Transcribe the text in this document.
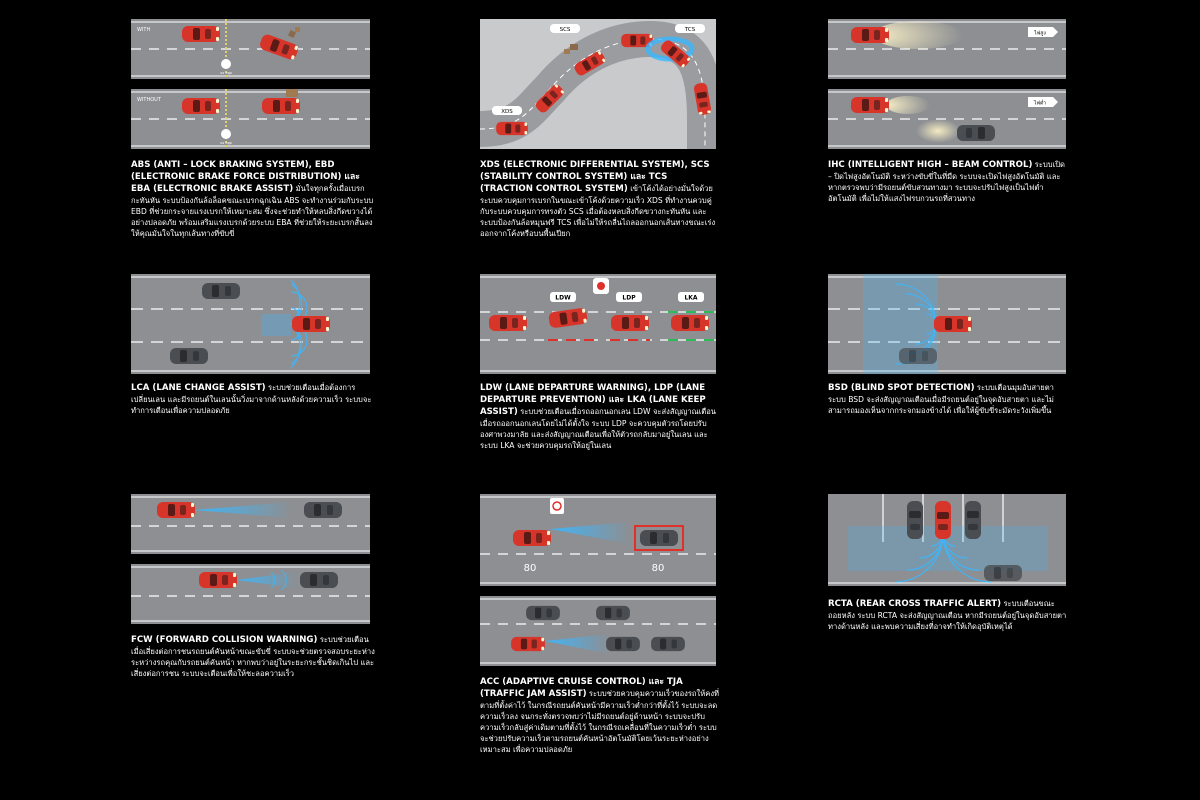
WITH
จอ หยุด
WITHOUT
จอ หยุด

ABS (ANTI – LOCK BRAKING SYSTEM), EBD (ELECTRONIC BRAKE FORCE DISTRIBUTION) และ EBA (ELECTRONIC BRAKE ASSIST) มั่นใจทุกครั้งเมื่อเบรกกะทันหัน ระบบป้องกันล้อล็อคขณะเบรกฉุกเฉิน ABS จะทำงานร่วมกับระบบ EBD ที่ช่วยกระจายแรงเบรกให้เหมาะสม ซึ่งจะช่วยทำให้หลบสิ่งกีดขวางได้อย่างปลอดภัย พร้อมเสริมแรงเบรกด้วยระบบ EBA ที่ช่วยให้ระยะเบรกสั้นลง ให้คุณมั่นใจในทุกเส้นทางที่ขับขี่

SCS	TCS
XDS

XDS (ELECTRONIC DIFFERENTIAL SYSTEM), SCS (STABILITY CONTROL SYSTEM) และ TCS (TRACTION CONTROL SYSTEM) เข้าโค้งได้อย่างมั่นใจด้วยระบบควบคุมการเบรกในขณะเข้าโค้งด้วยความเร็ว XDS ที่ทำงานควบคู่กับระบบควบคุมการทรงตัว SCS เมื่อต้องหลบสิ่งกีดขวางกะทันหัน และระบบป้องกันล้อหมุนฟรี TCS เพื่อไม่ให้รถลื่นไถลออกนอกเส้นทางขณะเร่งออกจากโค้งหรือบนพื้นเปียก

ไฟสูง
ไฟต่ำ

IHC (INTELLIGENT HIGH – BEAM CONTROL) ระบบเปิด – ปิดไฟสูงอัตโนมัติ ระหว่างขับขี่ในที่มืด ระบบจะเปิดไฟสูงอัตโนมัติ และหากตรวจพบว่ามีรถยนต์ขับสวนทางมา ระบบจะปรับไฟสูงเป็นไฟต่ำอัตโนมัติ เพื่อไม่ให้แสงไฟรบกวนรถที่สวนทาง

LCA (LANE CHANGE ASSIST) ระบบช่วยเตือนเมื่อต้องการเปลี่ยนเลน และมีรถยนต์ในเลนนั้นวิ่งมาจากด้านหลังด้วยความเร็ว ระบบจะทำการเตือนเพื่อความปลอดภัย

LDW	LDP	LKA

LDW (LANE DEPARTURE WARNING), LDP (LANE DEPARTURE PREVENTION) และ LKA (LANE KEEP ASSIST) ระบบช่วยเตือนเมื่อรถออกนอกเลน LDW จะส่งสัญญาณเตือนเมื่อรถออกนอกเลนโดยไม่ได้ตั้งใจ ระบบ LDP จะควบคุมตัวรถโดยปรับองศาพวงมาลัย และส่งสัญญาณเตือนเพื่อให้ตัวรถกลับมาอยู่ในเลน และระบบ LKA จะช่วยควบคุมรถให้อยู่ในเลน

BSD (BLIND SPOT DETECTION) ระบบเตือนมุมอับสายตา ระบบ BSD จะส่งสัญญาณเตือนเมื่อมีรถยนต์อยู่ในจุดอับสายตา และไม่สามารถมองเห็นจากกระจกมองข้างได้ เพื่อให้ผู้ขับขี่ระมัดระวังเพิ่มขึ้น

FCW (FORWARD COLLISION WARNING) ระบบช่วยเตือนเมื่อเสี่ยงต่อการชนรถยนต์คันหน้าขณะขับขี่ ระบบจะช่วยตรวจสอบระยะห่างระหว่างรถคุณกับรถยนต์คันหน้า หากพบว่าอยู่ในระยะกระชั้นชิดเกินไป และเสี่ยงต่อการชน ระบบจะเตือนเพื่อให้ชะลอความเร็ว

80	80

ACC (ADAPTIVE CRUISE CONTROL) และ TJA (TRAFFIC JAM ASSIST) ระบบช่วยควบคุมความเร็วของรถให้คงที่ตามที่ตั้งค่าไว้ ในกรณีรถยนต์คันหน้ามีความเร็วต่ำกว่าที่ตั้งไว้ ระบบจะลดความเร็วลง จนกระทั่งตรวจพบว่าไม่มีรถยนต์อยู่ด้านหน้า ระบบจะปรับความเร็วกลับสู่ค่าเดิมตามที่ตั้งไว้ ในกรณีรถเคลื่อนที่ในความเร็วต่ำ ระบบจะช่วยปรับความเร็วตามรถยนต์คันหน้าอัตโนมัติโดยเว้นระยะห่างอย่างเหมาะสม เพื่อความปลอดภัย

RCTA (REAR CROSS TRAFFIC ALERT) ระบบเตือนขณะถอยหลัง ระบบ RCTA จะส่งสัญญาณเตือน หากมีรถยนต์อยู่ในจุดอับสายตาทางด้านหลัง และพบความเสี่ยงที่อาจทำให้เกิดอุบัติเหตุได้
